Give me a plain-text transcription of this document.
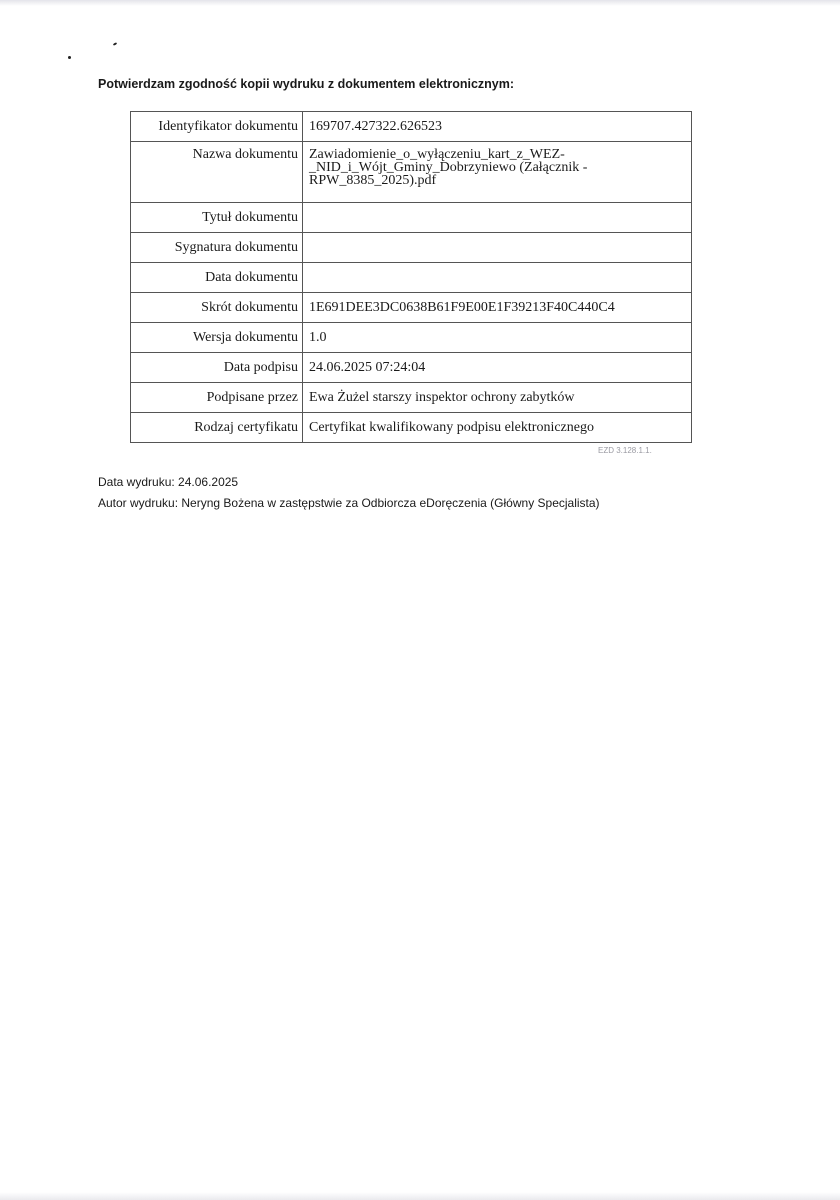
Potwierdzam zgodność kopii wydruku z dokumentem elektronicznym:
Identyfikator dokumentu	169707.427322.626523
Nazwa dokumentu	Zawiadomienie_o_wyłączeniu_kart_z_WEZ-
_NID_i_Wójt_Gminy_Dobrzyniewo (Załącznik -
RPW_8385_2025).pdf

Tytuł dokumentu	
Sygnatura dokumentu	
Data dokumentu	
Skrót dokumentu	1E691DEE3DC0638B61F9E00E1F39213F40C440C4
Wersja dokumentu	1.0
Data podpisu	24.06.2025 07:24:04
Podpisane przez	Ewa Żużel starszy inspektor ochrony zabytków
Rodzaj certyfikatu	Certyfikat kwalifikowany podpisu elektronicznego
EZD 3.128.1.1.
Data wydruku: 24.06.2025
Autor wydruku: Neryng Bożena w zastępstwie za Odbiorcza eDoręczenia (Główny Specjalista)
